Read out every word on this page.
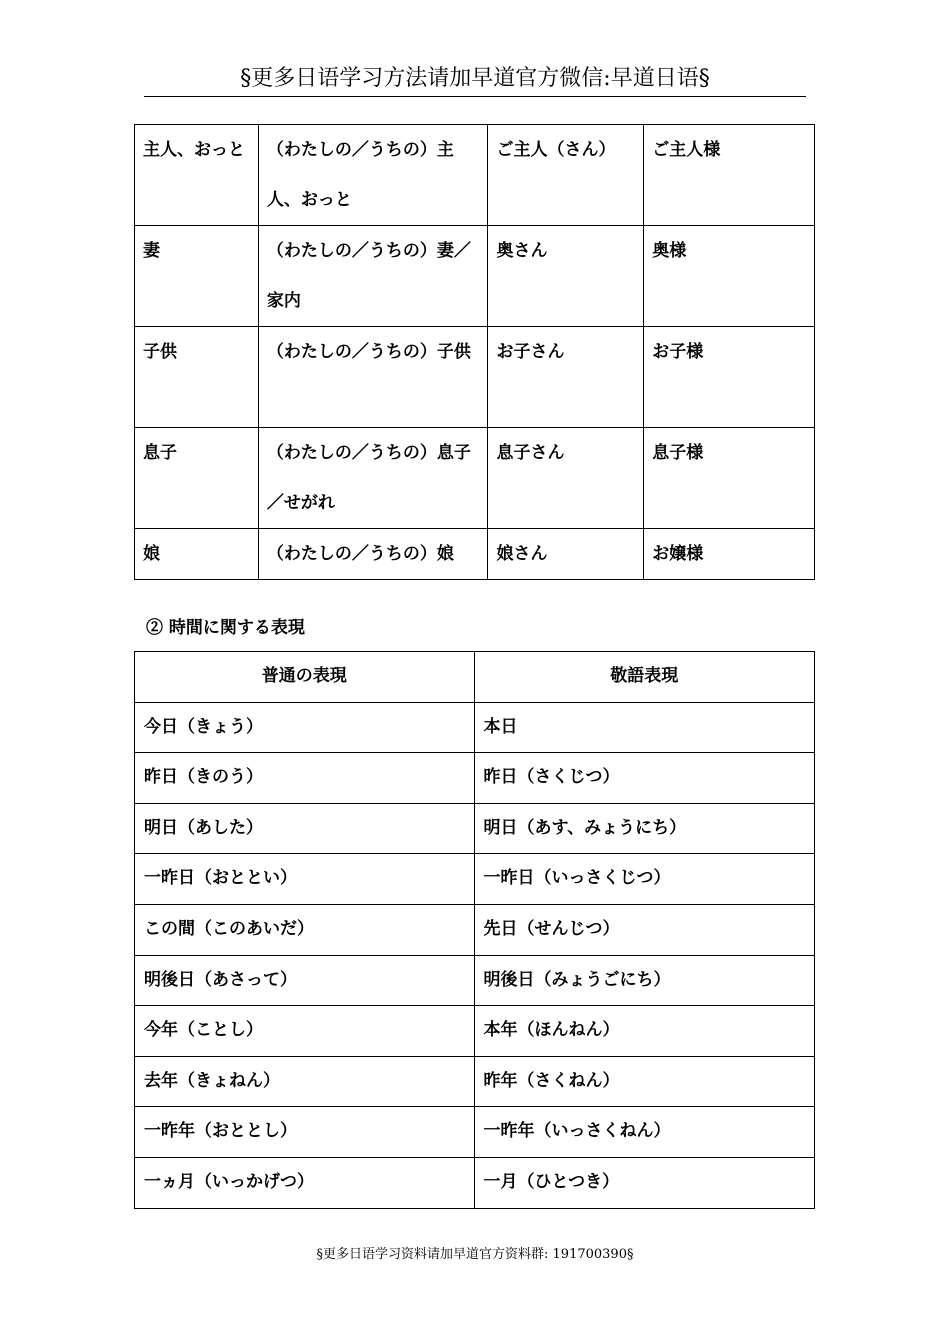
§更多日语学习方法请加早道官方微信:早道日语§
主人、おっと	（わたしの／うちの）主人、おっと	ご主人（さん）	ご主人様
妻	（わたしの／うちの）妻／家内	奥さん	奥様
子供	（わたしの／うちの）子供	お子さん	お子様
息子	（わたしの／うちの）息子／せがれ	息子さん	息子様
娘	（わたしの／うちの）娘	娘さん	お嬢様
② 時間に関する表現
普通の表現	敬語表現
今日（きょう）	本日
昨日（きのう）	昨日（さくじつ）
明日（あした）	明日（あす、みょうにち）
一昨日（おととい）	一昨日（いっさくじつ）
この間（このあいだ）	先日（せんじつ）
明後日（あさって）	明後日（みょうごにち）
今年（ことし）	本年（ほんねん）
去年（きょねん）	昨年（さくねん）
一昨年（おととし）	一昨年（いっさくねん）
一ヵ月（いっかげつ）	一月（ひとつき）
§更多日语学习资料请加早道官方资料群: 191700390§
